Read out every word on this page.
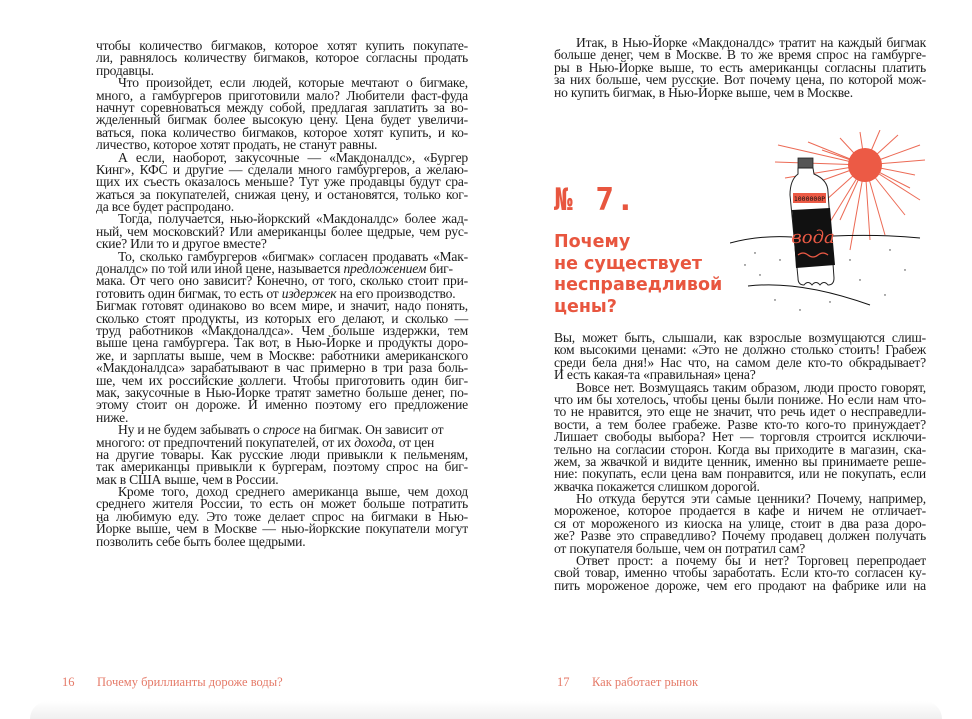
чтобы количество бигмаков, которое хотят купить покупате-
ли, равнялось количеству бигмаков, которое согласны продать
продавцы.
Что произойдет, если людей, которые мечтают о бигмаке,
много, а гамбургеров приготовили мало? Любители фаст-фуда
начнут соревноваться между собой, предлагая заплатить за во-
жделенный бигмак более высокую цену. Цена будет увеличи-
ваться, пока количество бигмаков, которое хотят купить, и ко-
личество, которое хотят продать, не станут равны.
А если, наоборот, закусочные — «Макдоналдс», «Бургер
Кинг», КФС и другие — сделали много гамбургеров, а желаю-
щих их съесть оказалось меньше? Тут уже продавцы будут сра-
жаться за покупателей, снижая цену, и остановятся, только ког-
да все будет распродано.
Тогда, получается, нью-йоркский «Макдоналдс» более жад-
ный, чем московский? Или американцы более щедрые, чем рус-
ские? Или то и другое вместе?
То, сколько гамбургеров «бигмак» согласен продавать «Мак-
доналдс» по той или иной цене, называется предложением биг-
мака. От чего оно зависит? Конечно, от того, сколько стоит при-
готовить один бигмак, то есть от издержек на его производство.
Бигмак готовят одинаково во всем мире, и значит, надо понять,
сколько стоят продукты, из которых его делают, и сколько —
труд работников «Макдоналдса». Чем больше издержки, тем
выше цена гамбургера. Так вот, в Нью-Йорке и продукты доро-
же, и зарплаты выше, чем в Москве: работники американского
«Макдоналдса» зарабатывают в час примерно в три раза боль-
ше, чем их российские коллеги. Чтобы приготовить один биг-
мак, закусочные в Нью-Йорке тратят заметно больше денег, по-
этому стоит он дороже. И именно поэтому его предложение
ниже.
Ну и не будем забывать о спросе на бигмак. Он зависит от
многого: от предпочтений покупателей, от их дохода, от цен
на другие товары. Как русские люди привыкли к пельменям,
так американцы привыкли к бургерам, поэтому спрос на биг-
мак в США выше, чем в России.
Кроме того, доход среднего американца выше, чем доход
среднего жителя России, то есть он может больше потратить
на любимую еду. Это тоже делает спрос на бигмаки в Нью-
Йорке выше, чем в Москве — нью-йоркские покупатели могут
позволить себе быть более щедрыми.
16 Почему бриллианты дороже воды?
Итак, в Нью-Йорке «Макдоналдс» тратит на каждый бигмак
больше денег, чем в Москве. В то же время спрос на гамбурге-
ры в Нью-Йорке выше, то есть американцы согласны платить
за них больше, чем русские. Вот почему цена, по которой мож-
но купить бигмак, в Нью-Йорке выше, чем в Москве.
№ 7.
Почему
не существует
несправедливой
цены?
1000000Р
вода
Вы, может быть, слышали, как взрослые возмущаются слиш-
ком высокими ценами: «Это не должно столько стоить! Грабеж
среди бела дня!» Нас что, на самом деле кто-то обкрадывает?
И есть какая-та «правильная» цена?
Вовсе нет. Возмущаясь таким образом, люди просто говорят,
что им бы хотелось, чтобы цены были пониже. Но если нам что-
то не нравится, это еще не значит, что речь идет о несправедли-
вости, а тем более грабеже. Разве кто-то кого-то принуждает?
Лишает свободы выбора? Нет — торговля строится исключи-
тельно на согласии сторон. Когда вы приходите в магазин, ска-
жем, за жвачкой и видите ценник, именно вы принимаете реше-
ние: покупать, если цена вам понравится, или не покупать, если
жвачка покажется слишком дорогой.
Но откуда берутся эти самые ценники? Почему, например,
мороженое, которое продается в кафе и ничем не отличает-
ся от мороженого из киоска на улице, стоит в два раза доро-
же? Разве это справедливо? Почему продавец должен получать
от покупателя больше, чем он потратил сам?
Ответ прост: а почему бы и нет? Торговец перепродает
свой товар, именно чтобы заработать. Если кто-то согласен ку-
пить мороженое дороже, чем его продают на фабрике или на
17 Как работает рынок
